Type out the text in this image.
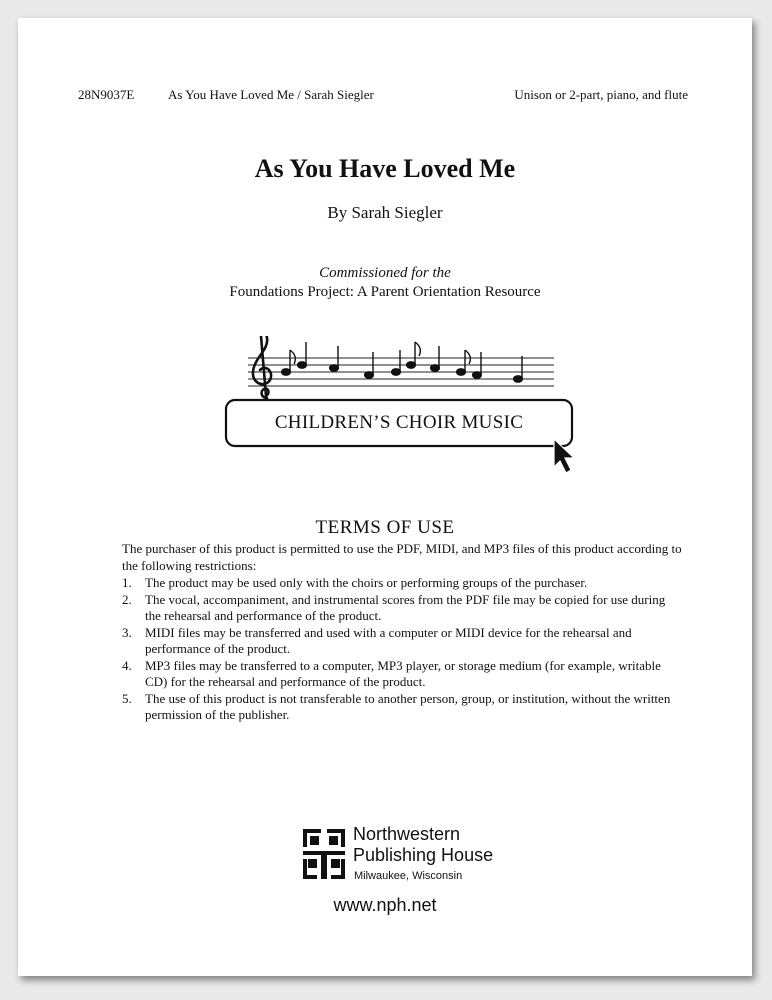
28N9037E	As You Have Loved Me / Sarah Siegler	Unison or 2-part, piano, and flute
As You Have Loved Me
By Sarah Siegler
Commissioned for the
Foundations Project: A Parent Orientation Resource
CHILDREN’S CHOIR MUSIC
TERMS OF USE
The purchaser of this product is permitted to use the PDF, MIDI, and MP3 files of this product according to the following restrictions:
1. The product may be used only with the choirs or performing groups of the purchaser.
2. The vocal, accompaniment, and instrumental scores from the PDF file may be copied for use during the rehearsal and performance of the product.
3. MIDI files may be transferred and used with a computer or MIDI device for the rehearsal and performance of the product.
4. MP3 files may be transferred to a computer, MP3 player, or storage medium (for example, writable CD) for the rehearsal and performance of the product.
5. The use of this product is not transferable to another person, group, or institution, without the written permission of the publisher.
Northwestern
Publishing House
Milwaukee, Wisconsin
www.nph.net
